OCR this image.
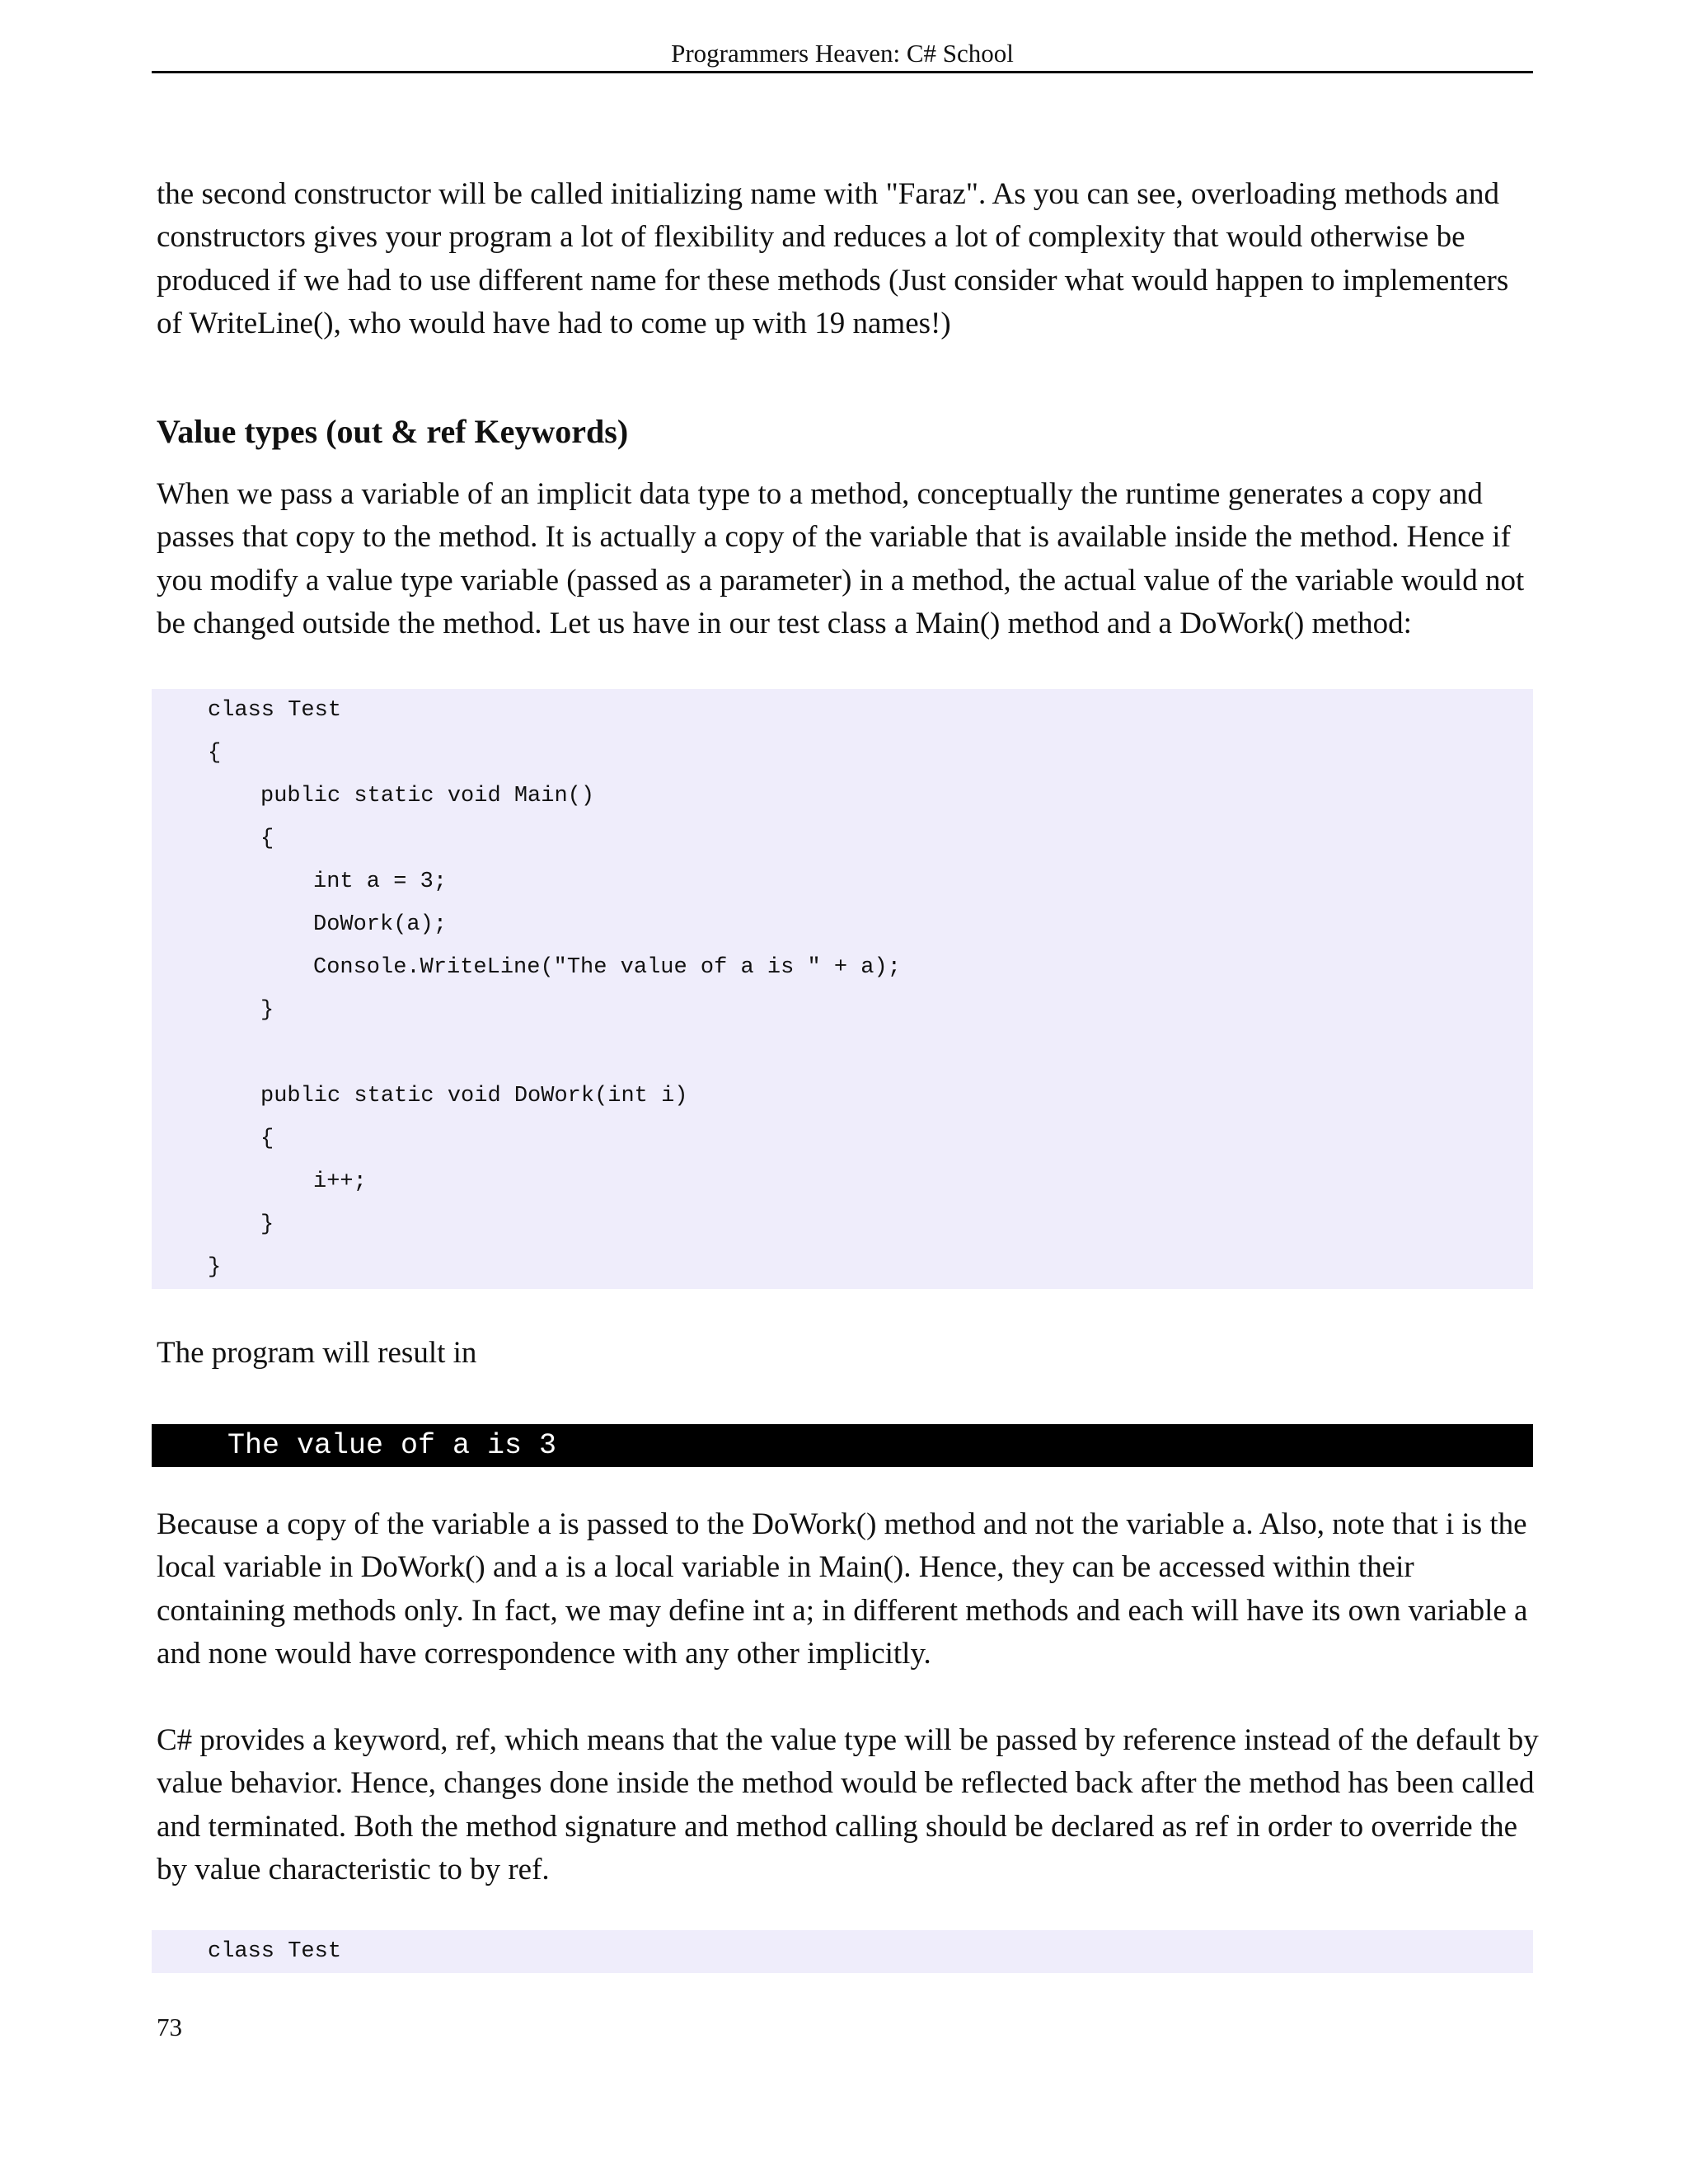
Programmers Heaven: C# School

the second constructor will be called initializing name with "Faraz". As you can see, overloading methods and constructors gives your program a lot of flexibility and reduces a lot of complexity that would otherwise be produced if we had to use different name for these methods (Just consider what would happen to implementers of WriteLine(), who would have had to come up with 19 names!)

Value types (out & ref Keywords)

When we pass a variable of an implicit data type to a method, conceptually the runtime generates a copy and passes that copy to the method. It is actually a copy of the variable that is available inside the method. Hence if you modify a value type variable (passed as a parameter) in a method, the actual value of the variable would not be changed outside the method. Let us have in our test class a Main() method and a DoWork() method:

class Test
{
public static void Main()
{
int a = 3;
DoWork(a);
Console.WriteLine("The value of a is " + a);
}
public static void DoWork(int i)
{
i++;
}
}

The program will result in

The value of a is 3

Because a copy of the variable a is passed to the DoWork() method and not the variable a. Also, note that i is the local variable in DoWork() and a is a local variable in Main(). Hence, they can be accessed within their containing methods only. In fact, we may define int a; in different methods and each will have its own variable a and none would have correspondence with any other implicitly.

C# provides a keyword, ref, which means that the value type will be passed by reference instead of the default by value behavior. Hence, changes done inside the method would be reflected back after the method has been called and terminated. Both the method signature and method calling should be declared as ref in order to override the by value characteristic to by ref.

class Test
73
